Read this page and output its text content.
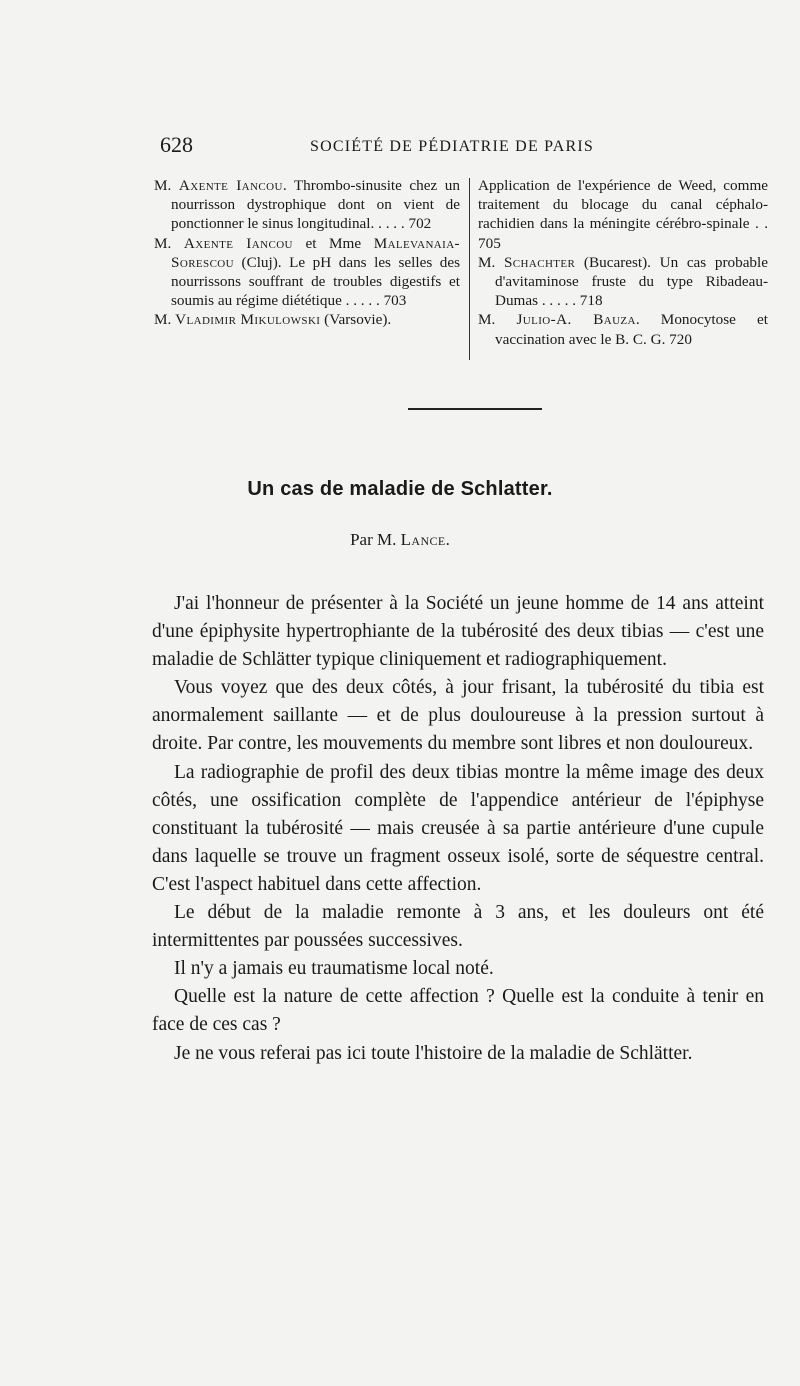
628	SOCIÉTÉ DE PÉDIATRIE DE PARIS
M. Axente Iancou. Thrombo-sinusite chez un nourrisson dystrophique dont on vient de ponctionner le sinus longitudinal. . . . . 702
M. Axente Iancou et Mme Malevanaia-Sorescou (Cluj). Le pH dans les selles des nourrissons souffrant de troubles digestifs et soumis au régime diététique . . . . . 703
M. Vladimir Mikulowski (Varsovie).
Application de l'expérience de Weed, comme traitement du blocage du canal céphalo-rachidien dans la méningite cérébro-spinale . . 705
M. Schachter (Bucarest). Un cas probable d'avitaminose fruste du type Ribadeau-Dumas . . . . . 718
M. Julio-A. Bauza. Monocytose et vaccination avec le B. C. G. 720
Un cas de maladie de Schlatter.
Par M. Lance.

J'ai l'honneur de présenter à la Société un jeune homme de 14 ans atteint d'une épiphysite hypertrophiante de la tubérosité des deux tibias — c'est une maladie de Schlätter typique cliniquement et radiographiquement.

Vous voyez que des deux côtés, à jour frisant, la tubérosité du tibia est anormalement saillante — et de plus douloureuse à la pression surtout à droite. Par contre, les mouvements du membre sont libres et non douloureux.

La radiographie de profil des deux tibias montre la même image des deux côtés, une ossification complète de l'appendice antérieur de l'épiphyse constituant la tubérosité — mais creusée à sa partie antérieure d'une cupule dans laquelle se trouve un fragment osseux isolé, sorte de séquestre central. C'est l'aspect habituel dans cette affection.

Le début de la maladie remonte à 3 ans, et les douleurs ont été intermittentes par poussées successives.

Il n'y a jamais eu traumatisme local noté.

Quelle est la nature de cette affection ? Quelle est la conduite à tenir en face de ces cas ?

Je ne vous referai pas ici toute l'histoire de la maladie de Schlätter.
